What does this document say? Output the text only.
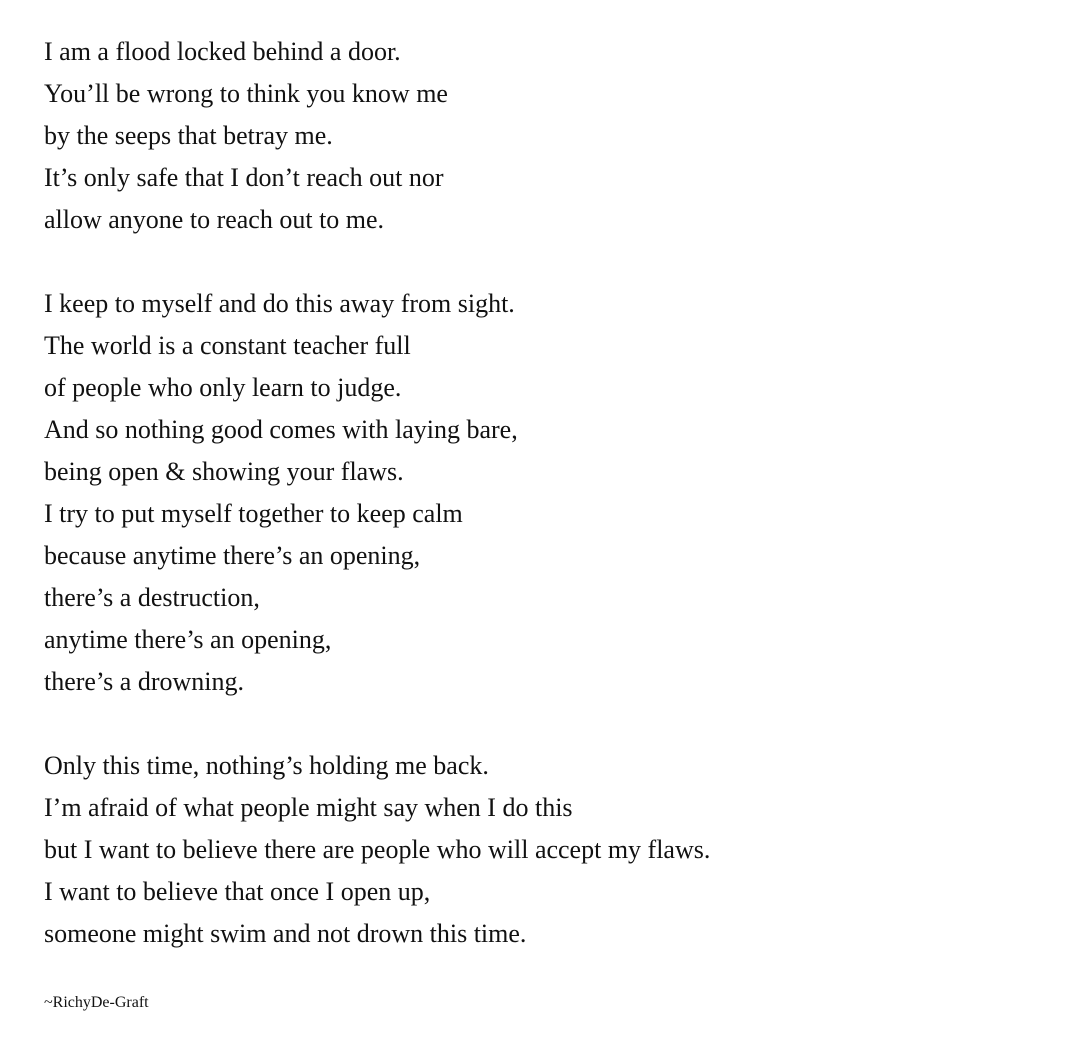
I am a flood locked behind a door.
You’ll be wrong to think you know me
by the seeps that betray me.
It’s only safe that I don’t reach out nor
allow anyone to reach out to me.
I keep to myself and do this away from sight.
The world is a constant teacher full
of people who only learn to judge.
And so nothing good comes with laying bare,
being open & showing your flaws.
I try to put myself together to keep calm
because anytime there’s an opening,
there’s a destruction,
anytime there’s an opening,
there’s a drowning.
Only this time, nothing’s holding me back.
I’m afraid of what people might say when I do this
but I want to believe there are people who will accept my flaws.
I want to believe that once I open up,
someone might swim and not drown this time.
~RichyDe-Graft
